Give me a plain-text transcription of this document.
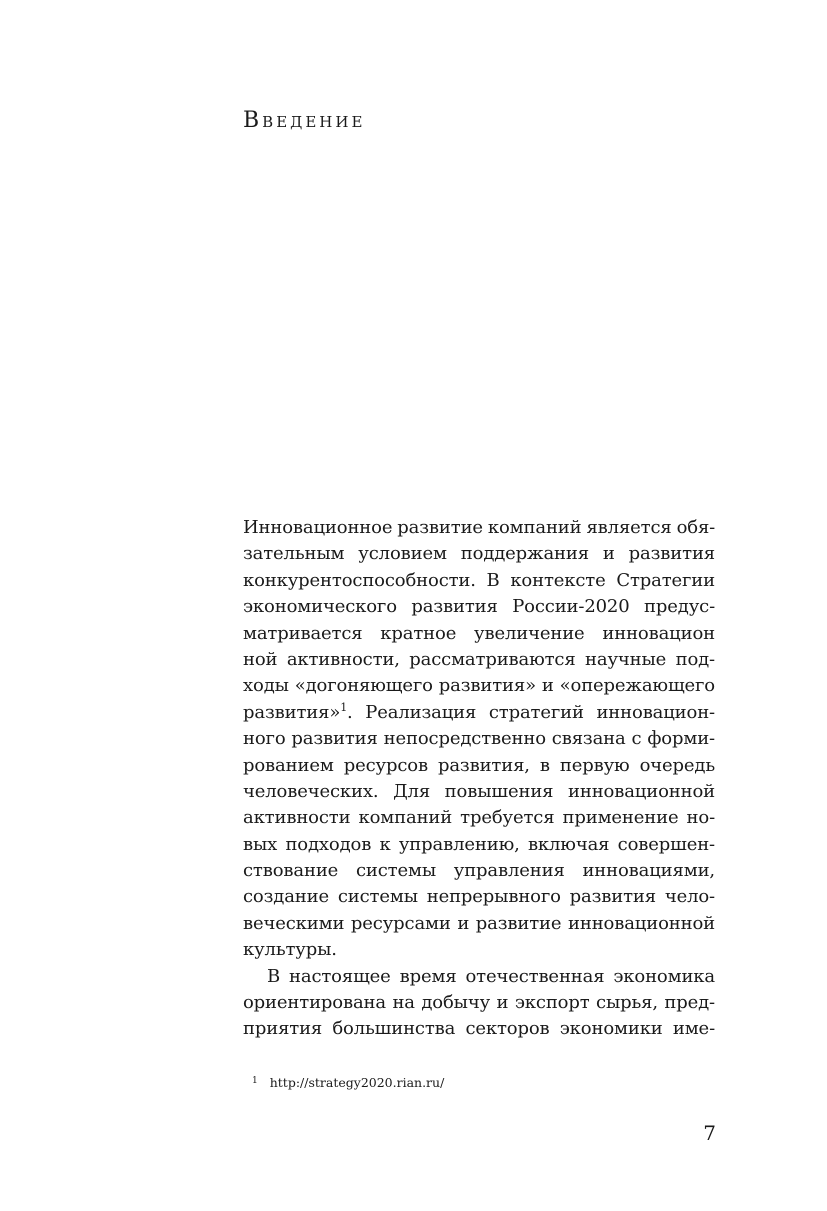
Введение
Инновационное развитие компаний является обя-
зательным условием поддержания и развития
конкурентоспособности. В контексте Стратегии
экономического развития России-2020 предус-
матривается кратное увеличение инновацион
ной активности, рассматриваются научные под-
ходы «догоняющего развития» и «опережающего
развития»$^1$. Реализация стратегий инновацион-
ного развития непосредственно связана с форми-
рованием ресурсов развития, в первую очередь
человеческих. Для повышения инновационной
активности компаний требуется применение но-
вых подходов к управлению, включая совершен-
ствование системы управления инновациями,
создание системы непрерывного развития чело-
веческими ресурсами и развитие инновационной
культуры.
В настоящее время отечественная экономика
ориентирована на добычу и экспорт сырья, пред-
приятия большинства секторов экономики име-
$^1$ http://strategy2020.rian.ru/
7
